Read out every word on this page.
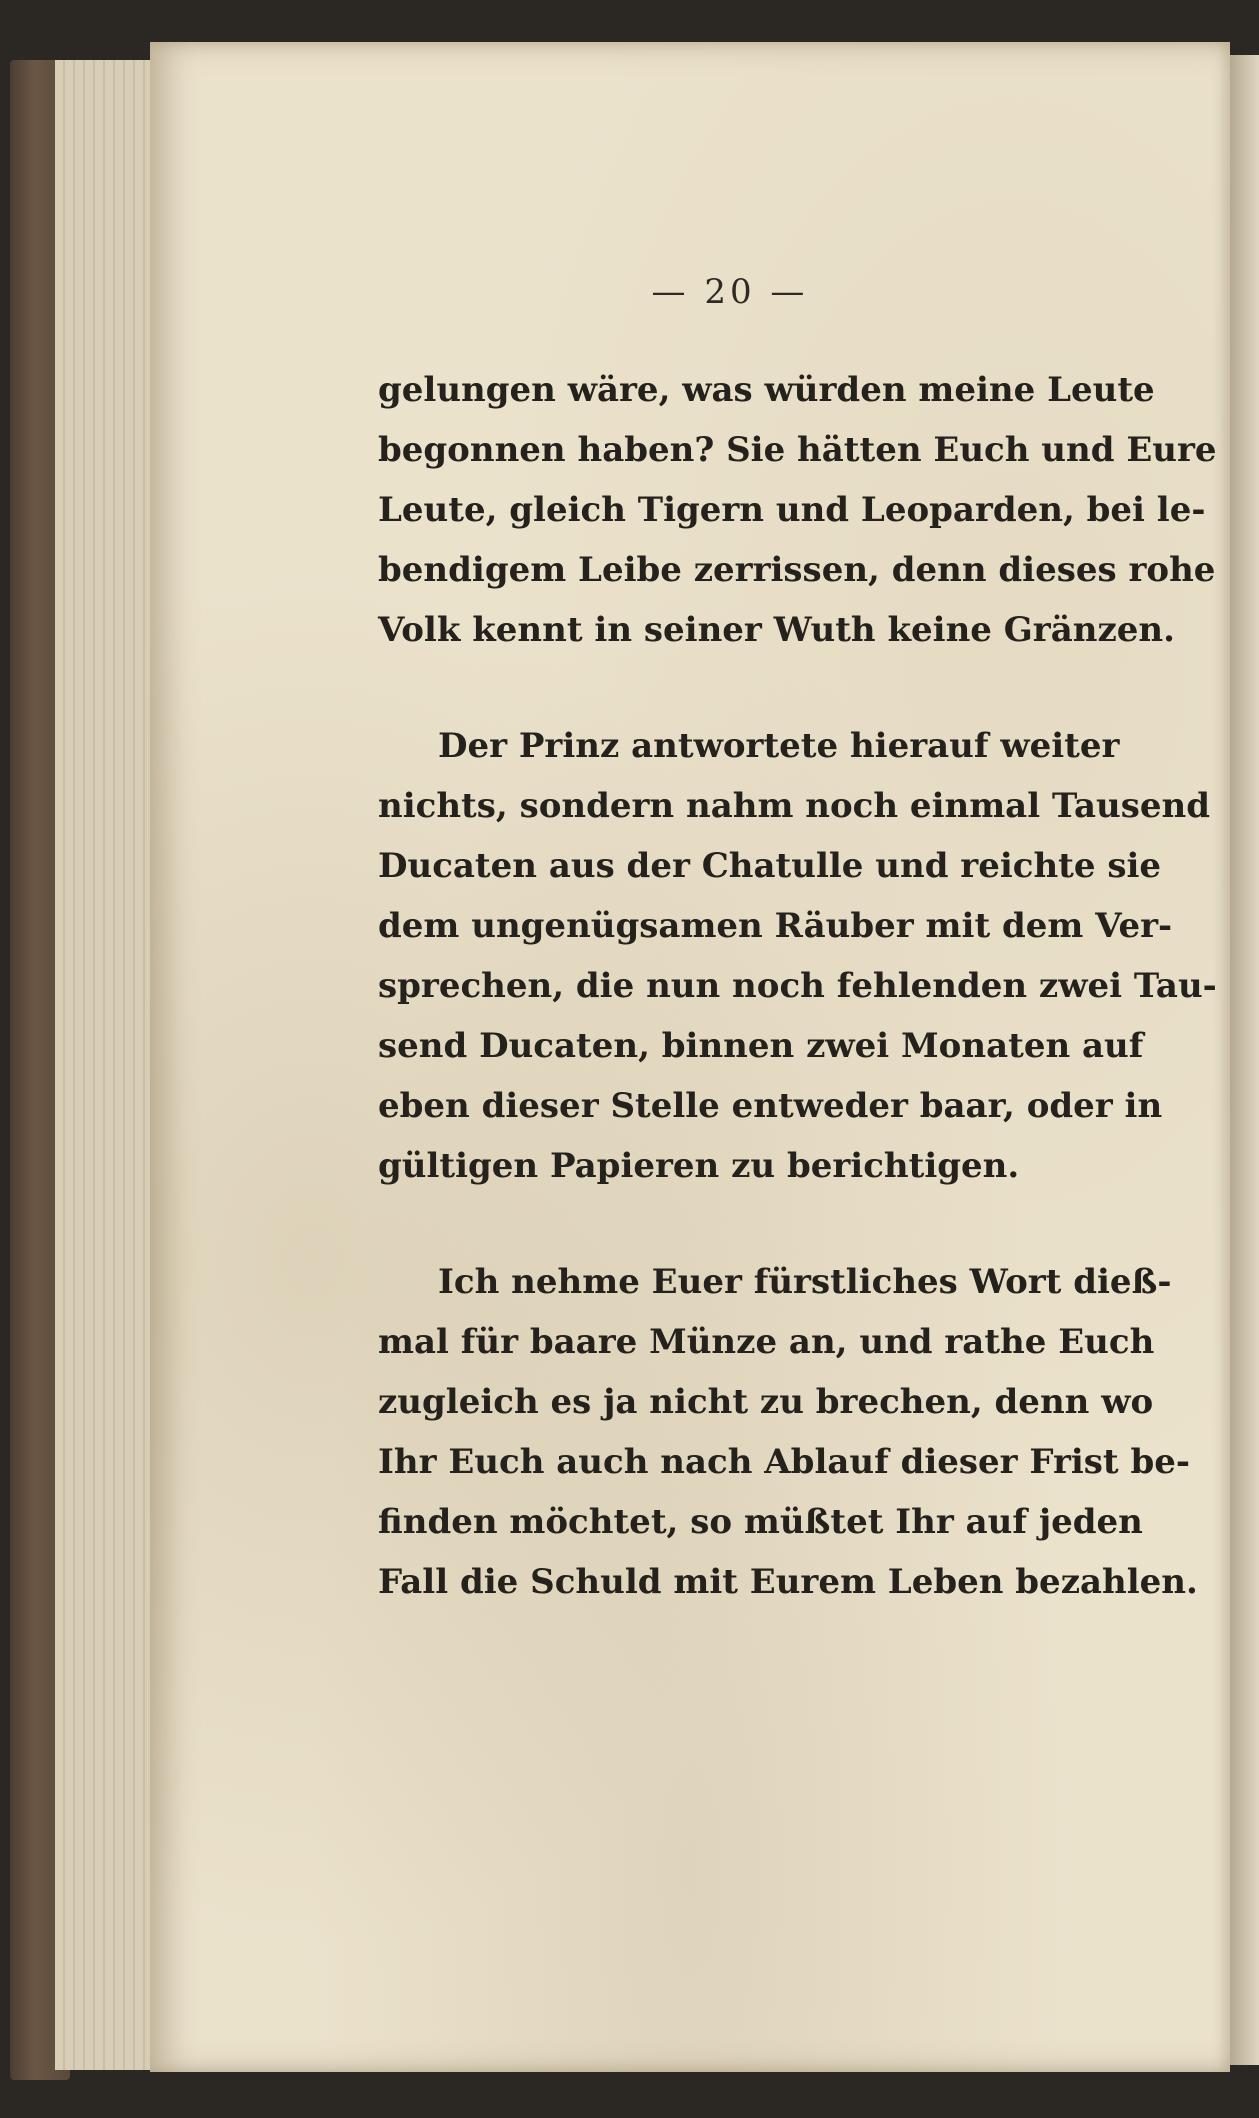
— 20 —
gelungen wäre, was würden meine Leute
begonnen haben? Sie hätten Euch und Eure
Leute, gleich Tigern und Leoparden, bei le-
bendigem Leibe zerrissen, denn dieses rohe
Volk kennt in seiner Wuth keine Gränzen.
Der Prinz antwortete hierauf weiter
nichts, sondern nahm noch einmal Tausend
Ducaten aus der Chatulle und reichte sie
dem ungenügsamen Räuber mit dem Ver-
sprechen, die nun noch fehlenden zwei Tau-
send Ducaten, binnen zwei Monaten auf
eben dieser Stelle entweder baar, oder in
gültigen Papieren zu berichtigen.
Ich nehme Euer fürstliches Wort dieß-
mal für baare Münze an, und rathe Euch
zugleich es ja nicht zu brechen, denn wo
Ihr Euch auch nach Ablauf dieser Frist be-
finden möchtet, so müßtet Ihr auf jeden
Fall die Schuld mit Eurem Leben bezahlen.
